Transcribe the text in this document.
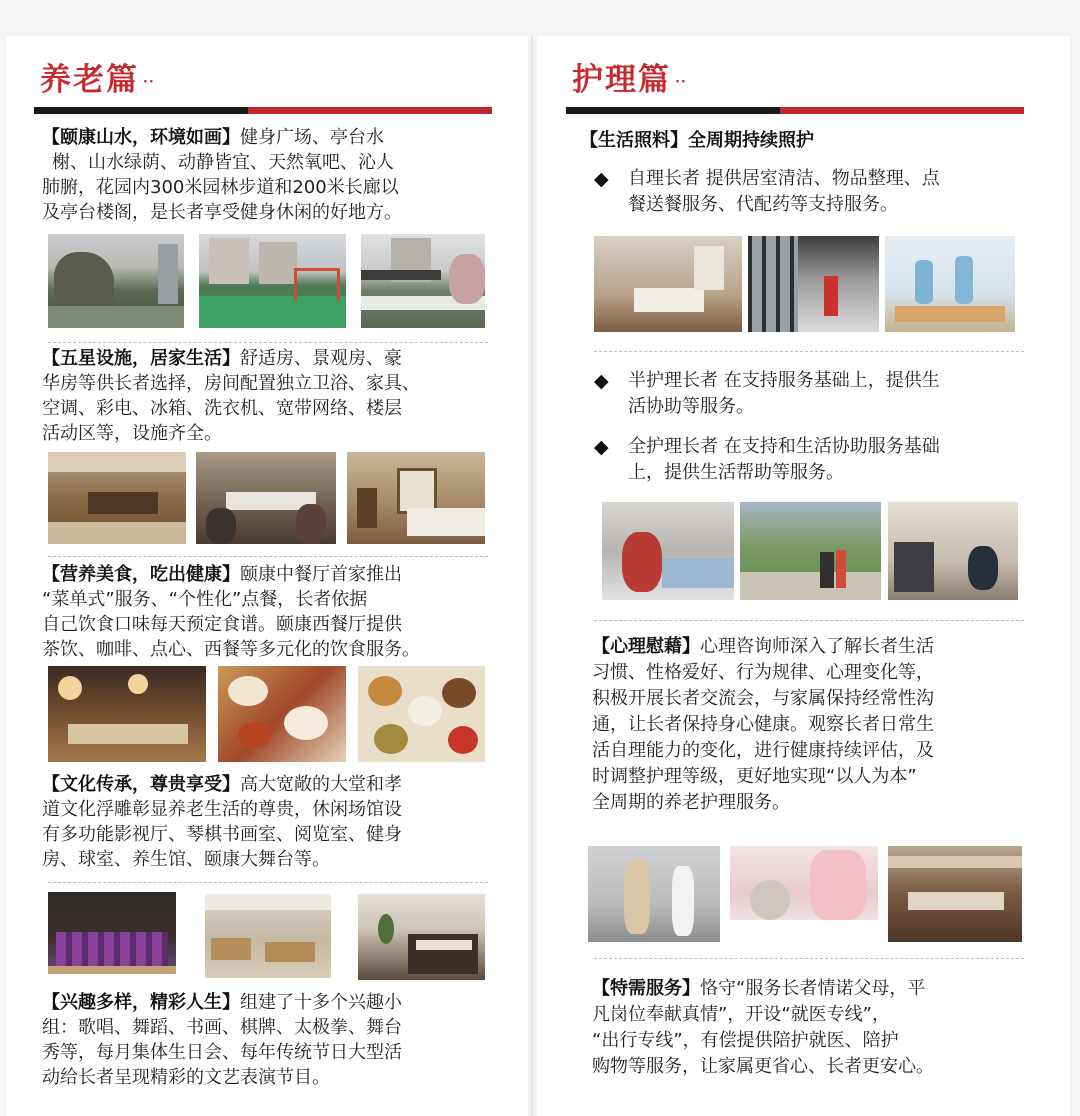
养老篇 ··
【颐康山水，环境如画】健身广场、亭台水
榭、山水绿荫、动静皆宜、天然氧吧、沁人
肺腑，花园内300米园林步道和200米长廊以
及亭台楼阁，是长者享受健身休闲的好地方。
【五星设施，居家生活】舒适房、景观房、豪
华房等供长者选择，房间配置独立卫浴、家具、
空调、彩电、冰箱、洗衣机、宽带网络、楼层
活动区等，设施齐全。
【营养美食，吃出健康】颐康中餐厅首家推出
“菜单式”服务、“个性化”点餐，长者依据
自己饮食口味每天预定食谱。颐康西餐厅提供
茶饮、咖啡、点心、西餐等多元化的饮食服务。
【文化传承，尊贵享受】高大宽敞的大堂和孝
道文化浮雕彰显养老生活的尊贵，休闲场馆设
有多功能影视厅、琴棋书画室、阅览室、健身
房、球室、养生馆、颐康大舞台等。
【兴趣多样，精彩人生】组建了十多个兴趣小
组：歌唱、舞蹈、书画、棋牌、太极拳、舞台
秀等，每月集体生日会、每年传统节日大型活
动给长者呈现精彩的文艺表演节目。
护理篇 ··
【生活照料】全周期持续照护
◆ 自理长者 提供居室清洁、物品整理、点
餐送餐服务、代配药等支持服务。
◆ 半护理长者 在支持服务基础上，提供生
活协助等服务。
◆ 全护理长者 在支持和生活协助服务基础
上，提供生活帮助等服务。
【心理慰藉】心理咨询师深入了解长者生活
习惯、性格爱好、行为规律、心理变化等，
积极开展长者交流会，与家属保持经常性沟
通，让长者保持身心健康。观察长者日常生
活自理能力的变化，进行健康持续评估，及
时调整护理等级，更好地实现“以人为本”
全周期的养老护理服务。
【特需服务】恪守“服务长者情诺父母，平
凡岗位奉献真情”，开设“就医专线”，
“出行专线”，有偿提供陪护就医、陪护
购物等服务，让家属更省心、长者更安心。
